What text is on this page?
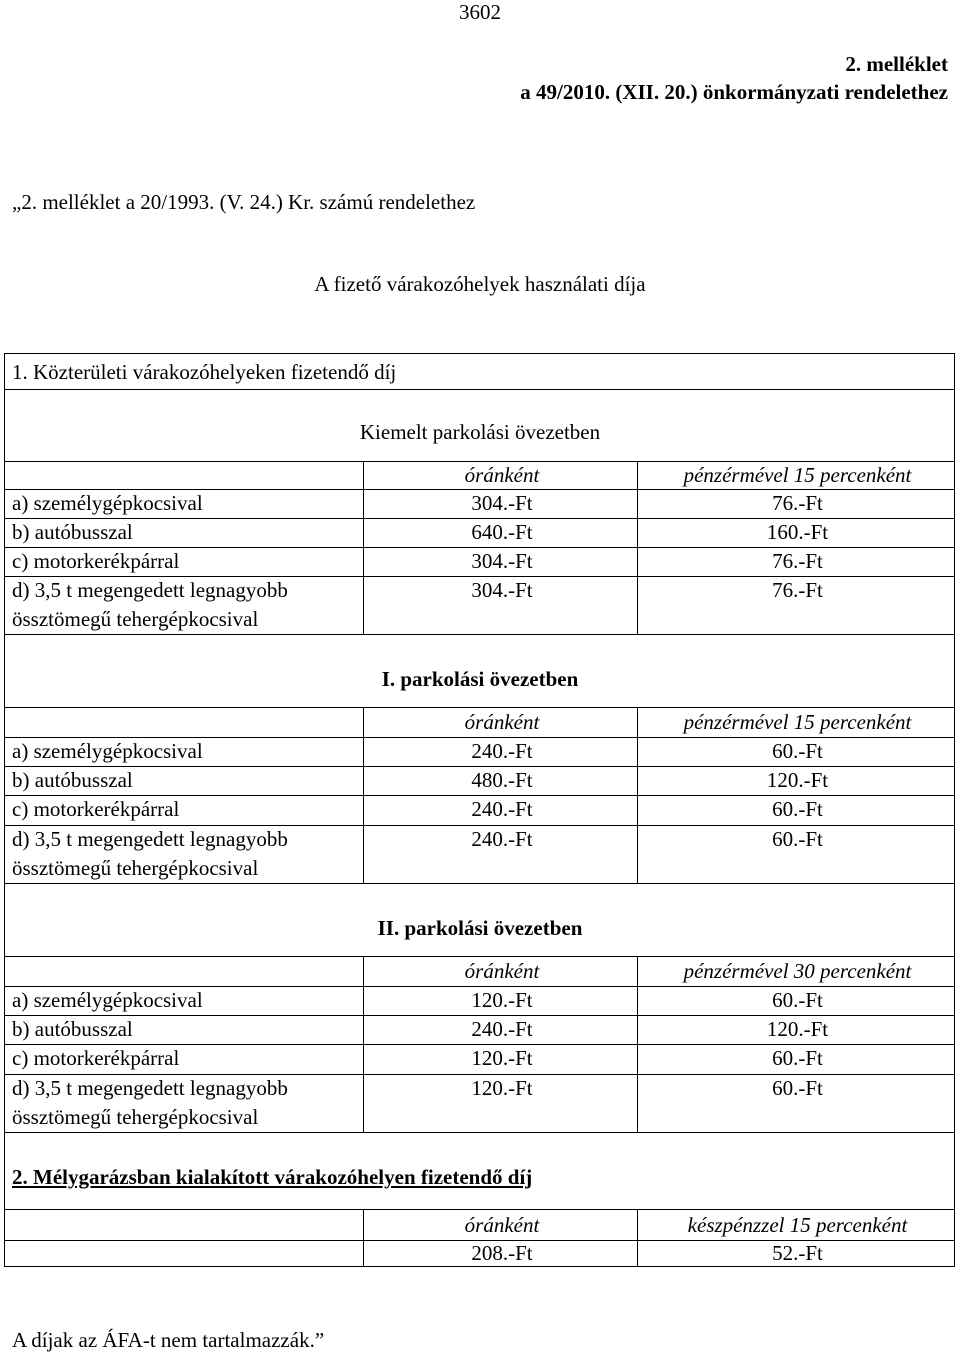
3602
2. melléklet
a 49/2010. (XII. 20.) önkormányzati rendelethez
„2. melléklet a 20/1993. (V. 24.) Kr. számú rendelethez
A fizető várakozóhelyek használati díja
1. Közterületi várakozóhelyeken fizetendő díj
Kiemelt parkolási övezetben
óránként	pénzérmével 15 percenként
a) személygépkocsival	304.-Ft	76.-Ft
b) autóbusszal	640.-Ft	160.-Ft
c) motorkerékpárral	304.-Ft	76.-Ft
d) 3,5 t megengedett legnagyobb
össztömegű tehergépkocsival
304.-Ft	76.-Ft
I. parkolási övezetben
óránként	pénzérmével 15 percenként
a) személygépkocsival	240.-Ft	60.-Ft
b) autóbusszal	480.-Ft	120.-Ft
c) motorkerékpárral	240.-Ft	60.-Ft
d) 3,5 t megengedett legnagyobb
össztömegű tehergépkocsival
240.-Ft	60.-Ft
II. parkolási övezetben
óránként	pénzérmével 30 percenként
a) személygépkocsival	120.-Ft	60.-Ft
b) autóbusszal	240.-Ft	120.-Ft
c) motorkerékpárral	120.-Ft	60.-Ft
d) 3,5 t megengedett legnagyobb
össztömegű tehergépkocsival
120.-Ft	60.-Ft
2. Mélygarázsban kialakított várakozóhelyen fizetendő díj
óránként	készpénzzel 15 percenként
208.-Ft	52.-Ft
A díjak az ÁFA-t nem tartalmazzák.”
